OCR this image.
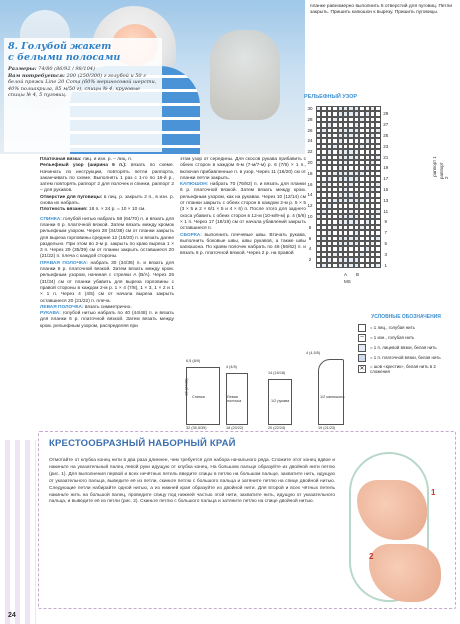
8. Голубой жакет
с белыми полосами
Размеры: 74/80 (86/92 / 98/104)
Вам потребуется: 200 (250/300) г голубой и 50 г белой пряжи Line 20 Сота (60% мериносовой шерсти, 40% полиакрила, 85 м/50 г), спицы № 4, круговые спицы № 4, 5 пуговиц.
планке равномерно выполнить 5 отверстий для пуговиц. Петли закрыть. Пришить капюшон к вырезу. Пришить пуговицы.

Платочная вязка: лиц. и изн. р. – лиц. п.

Рельефный узор (ширина 6 п.): вязать по схеме. Начинать по инструкции, повторять петли раппорта, заканчивать по схеме. Выполнять 1 раз с 1-го по 16-й р., затем повторять раппорт 2 для полочек и спинки, раппорт 2 – для рукавов.

Отверстие для пуговицы: в лиц. р. закрыть 2 п., в изн. р. снова их набрать.

Плотность вязания: 18 п. × 24 р. = 10 × 10 см.

СПИНКА: голубой нитью набрать 58 (64/70) п. и вязать для планки 6 р. платочной вязкой. Затем вязать между кромок рельефным узором. Через 28 (34/38) см от планки закрыть для выреза горловины средние 12 (16/20) п. и вязать далее раздельно. При этом во 2-м р. закрыть по краю выреза 1 × 3 п. Через 29 (35/39) см от планки закрыть оставшиеся 20 (21/22) п. плеча с каждой стороны.

ПРАВАЯ ПОЛОЧКА: набрать 30 (34/36) п. и вязать для планки 6 р. платочной вязкой. Затем вязать между кром. рельефным узором, начиная с стрелки A (B/A). Через 25 (31/34) см от планки убавить для выреза горловины с правой стороны в каждом 2-м р. 1 × 4 (7/8), 1 × 3, 1 × 2 и 1 × 1 п. Через 4 (4/5) см от начала выреза закрыть оставшиеся 20 (21/22) п. плеча.

ЛЕВАЯ ПОЛОЧКА: вязать симметрично.

РУКАВА: голубой нитью набрать по 40 (44/48) п. и вязать для планки 6 р. платочной вязкой. Затем вязать между кром. рельефным узором, распределяя при

этом узор от середины. Для скосов рукава прибавить с обеих сторон в каждом 6-м (7-м/7-м) р. 6 (7/9) × 1 п., включая прибавленные п. в узор. Через 11 (16/20) см от планки петли закрыть.

КАПЮШОН: набрать 70 (76/82) п. и вязать для планки 6 р. платочной вязкой. Затем вязать между кром. рельефным узором, как на рукавах. Через 10 (12/14) см от планки закрыть с обеих сторон в каждом 2-м р. 5 × 5 (3 × 5 и 2 × 6/1 × 5 и 4 × 6) п. После этого для заднего скоса убавить с обеих сторон в 12-м (10-м/9-м) р. 4 (5/6) × 1 п. Через 17 (18/19) см от начала убавлений закрыть оставшиеся п.

СБОРКА: выполнить плечевые швы. Втачать рукава, выполнить боковые швы, швы рукавов, а также швы капюшона. По краям полочек набрать по 46 (56/62) п. и вязать 6 р. платочной вязкой. Через 2 р. на правой

РЕЛЬЕФНЫЙ УЗОР
30
28
26
24
22
20
18
16
14
12
10
8
6
4
2
29
27
25
23
21
19
17
15
13
11
9
7
5
3
1
раппорт 1 раппорт 2
A B
MS
УСЛОВНЫЕ ОБОЗНАЧЕНИЯ
= 1 лиц., голубая нить
–	= 1 изн., голубая нить
= 1 п. лицевой вязки, белая нить
= 1 п. платочной вязки, белая нить
✕	= шов «крестик», белая нить в 2 сложения
Спинка
6,5 (8/9)
28 (34/38)
32 (35,5/39)
Левая полочка
4 (4/5)
18 (20/22)
1/2 рукава
14 (16/18)
20 (22/24)
1/2 капюшона
4 (4,5/5)
19 (21/23)
КРЕСТООБРАЗНЫЙ НАБОРНЫЙ КРАЙ
Отмотайте от клубка конец нити в два раза длиннее, чем требуется для набора начального ряда. Сложите этот конец вдвое и накиньте на указательный палец левой руки идущую от клубка конец. На большом пальце образуйте из двойной нити петлю (рис. 1). Для выполнения первой и всех нечётных петель введите спицы в петлю на большом пальце, захватите нить, идущую от указательного пальца, выведите её из петли, скиньте петлю с большого пальца и затяните петлю на спице двойной нитью. Следующие петли набирайте одной нитью, а из нижней края образуйте из двойной нити. Для второй и всех чётных петель накиньте нить на большой палец, проведите спицу под нижней частью этой нити, захватите нить, идущую от указательного пальца, и выведите её из петли (рис. 2). Скиньте петлю с большого пальца и затяните петлю на спице двойной нитью.
1
2
24
